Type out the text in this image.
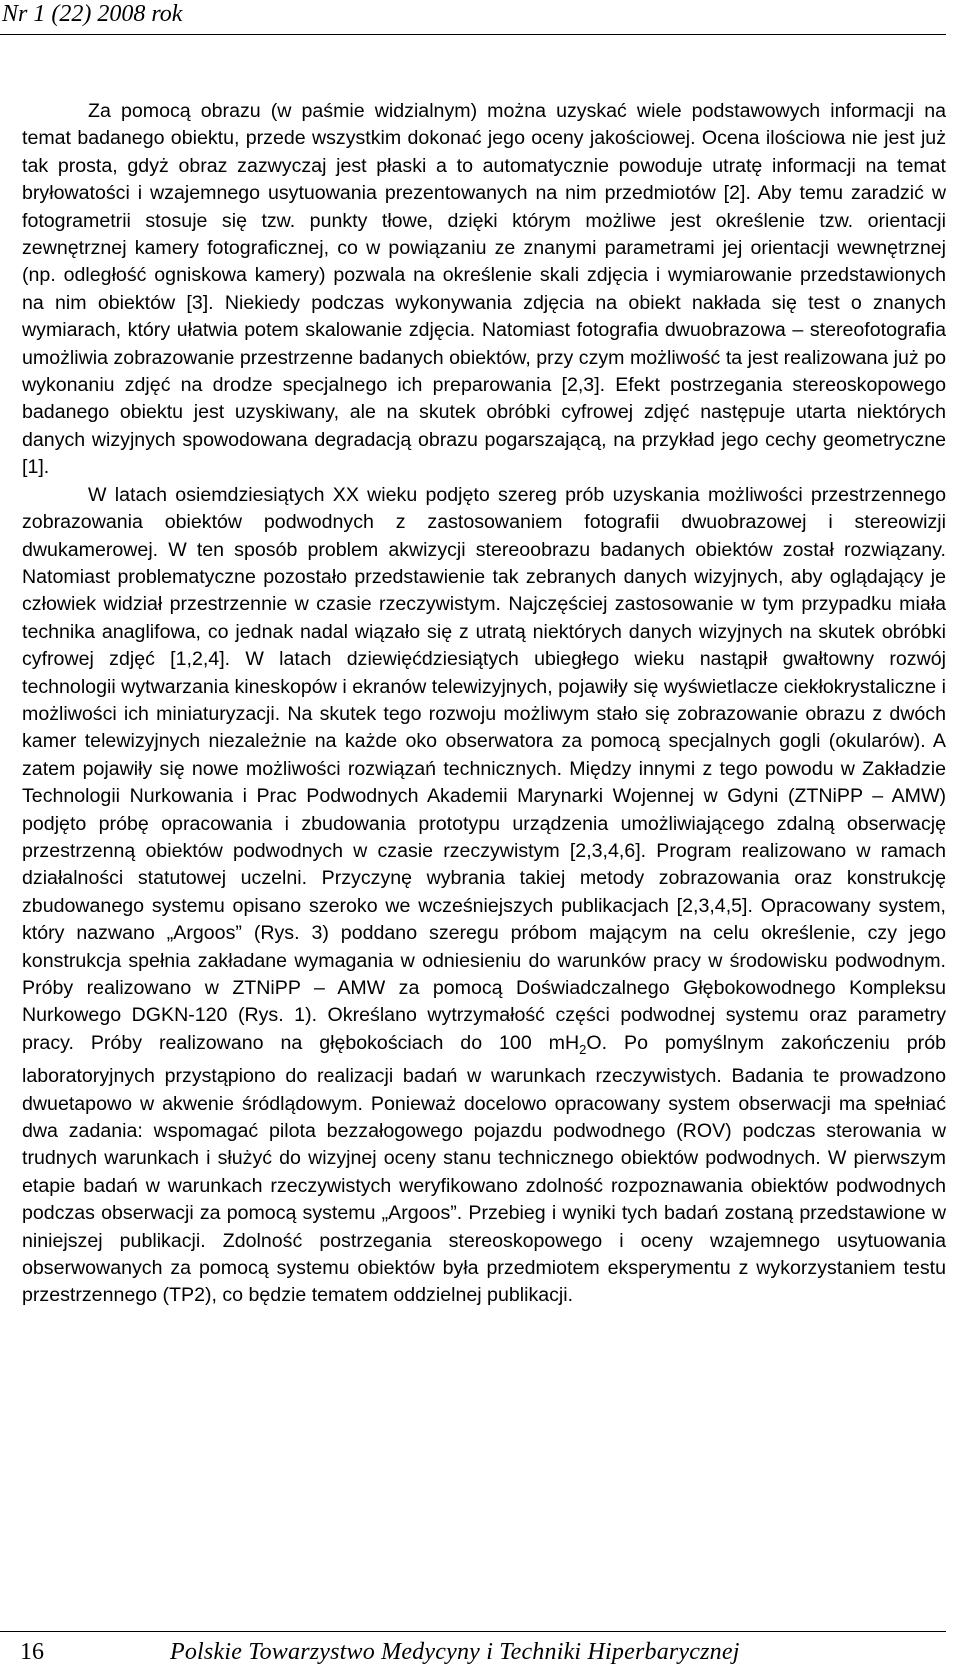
Nr 1 (22) 2008 rok

Za pomocą obrazu (w paśmie widzialnym) można uzyskać wiele podstawowych informacji na temat badanego obiektu, przede wszystkim dokonać jego oceny jakościowej. Ocena ilościowa nie jest już tak prosta, gdyż obraz zazwyczaj jest płaski a to automatycznie powoduje utratę informacji na temat bryłowatości i wzajemnego usytuowania prezentowanych na nim przedmiotów [2]. Aby temu zaradzić w fotogrametrii stosuje się tzw. punkty tłowe, dzięki którym możliwe jest określenie tzw. orientacji zewnętrznej kamery fotograficznej, co w powiązaniu ze znanymi parametrami jej orientacji wewnętrznej (np. odległość ogniskowa kamery) pozwala na określenie skali zdjęcia i wymiarowanie przedstawionych na nim obiektów [3]. Niekiedy podczas wykonywania zdjęcia na obiekt nakłada się test o znanych wymiarach, który ułatwia potem skalowanie zdjęcia. Natomiast fotografia dwuobrazowa – stereofotografia umożliwia zobrazowanie przestrzenne badanych obiektów, przy czym możliwość ta jest realizowana już po wykonaniu zdjęć na drodze specjalnego ich preparowania [2,3]. Efekt postrzegania stereoskopowego badanego obiektu jest uzyskiwany, ale na skutek obróbki cyfrowej zdjęć następuje utarta niektórych danych wizyjnych spowodowana degradacją obrazu pogarszającą, na przykład jego cechy geometryczne [1].

W latach osiemdziesiątych XX wieku podjęto szereg prób uzyskania możliwości przestrzennego zobrazowania obiektów podwodnych z zastosowaniem fotografii dwuobrazowej i stereowizji dwukamerowej. W ten sposób problem akwizycji stereoobrazu badanych obiektów został rozwiązany. Natomiast problematyczne pozostało przedstawienie tak zebranych danych wizyjnych, aby oglądający je człowiek widział przestrzennie w czasie rzeczywistym. Najczęściej zastosowanie w tym przypadku miała technika anaglifowa, co jednak nadal wiązało się z utratą niektórych danych wizyjnych na skutek obróbki cyfrowej zdjęć [1,2,4]. W latach dziewięćdziesiątych ubiegłego wieku nastąpił gwałtowny rozwój technologii wytwarzania kineskopów i ekranów telewizyjnych, pojawiły się wyświetlacze ciekłokrystaliczne i możliwości ich miniaturyzacji. Na skutek tego rozwoju możliwym stało się zobrazowanie obrazu z dwóch kamer telewizyjnych niezależnie na każde oko obserwatora za pomocą specjalnych gogli (okularów). A zatem pojawiły się nowe możliwości rozwiązań technicznych. Między innymi z tego powodu w Zakładzie Technologii Nurkowania i Prac Podwodnych Akademii Marynarki Wojennej w Gdyni (ZTNiPP – AMW) podjęto próbę opracowania i zbudowania prototypu urządzenia umożliwiającego zdalną obserwację przestrzenną obiektów podwodnych w czasie rzeczywistym [2,3,4,6]. Program realizowano w ramach działalności statutowej uczelni. Przyczynę wybrania takiej metody zobrazowania oraz konstrukcję zbudowanego systemu opisano szeroko we wcześniejszych publikacjach [2,3,4,5]. Opracowany system, który nazwano „Argoos” (Rys. 3) poddano szeregu próbom mającym na celu określenie, czy jego konstrukcja spełnia zakładane wymagania w odniesieniu do warunków pracy w środowisku podwodnym. Próby realizowano w ZTNiPP – AMW za pomocą Doświadczalnego Głębokowodnego Kompleksu Nurkowego DGKN-120 (Rys. 1). Określano wytrzymałość części podwodnej systemu oraz parametry pracy. Próby realizowano na głębokościach do 100 $mH_2O$. Po pomyślnym zakończeniu prób laboratoryjnych przystąpiono do realizacji badań w warunkach rzeczywistych. Badania te prowadzono dwuetapowo w akwenie śródlądowym. Ponieważ docelowo opracowany system obserwacji ma spełniać dwa zadania: wspomagać pilota bezzałogowego pojazdu podwodnego (ROV) podczas sterowania w trudnych warunkach i służyć do wizyjnej oceny stanu technicznego obiektów podwodnych. W pierwszym etapie badań w warunkach rzeczywistych weryfikowano zdolność rozpoznawania obiektów podwodnych podczas obserwacji za pomocą systemu „Argoos”. Przebieg i wyniki tych badań zostaną przedstawione w niniejszej publikacji. Zdolność postrzegania stereoskopowego i oceny wzajemnego usytuowania obserwowanych za pomocą systemu obiektów była przedmiotem eksperymentu z wykorzystaniem testu przestrzennego (TP2), co będzie tematem oddzielnej publikacji.

16	Polskie Towarzystwo Medycyny i Techniki Hiperbarycznej
